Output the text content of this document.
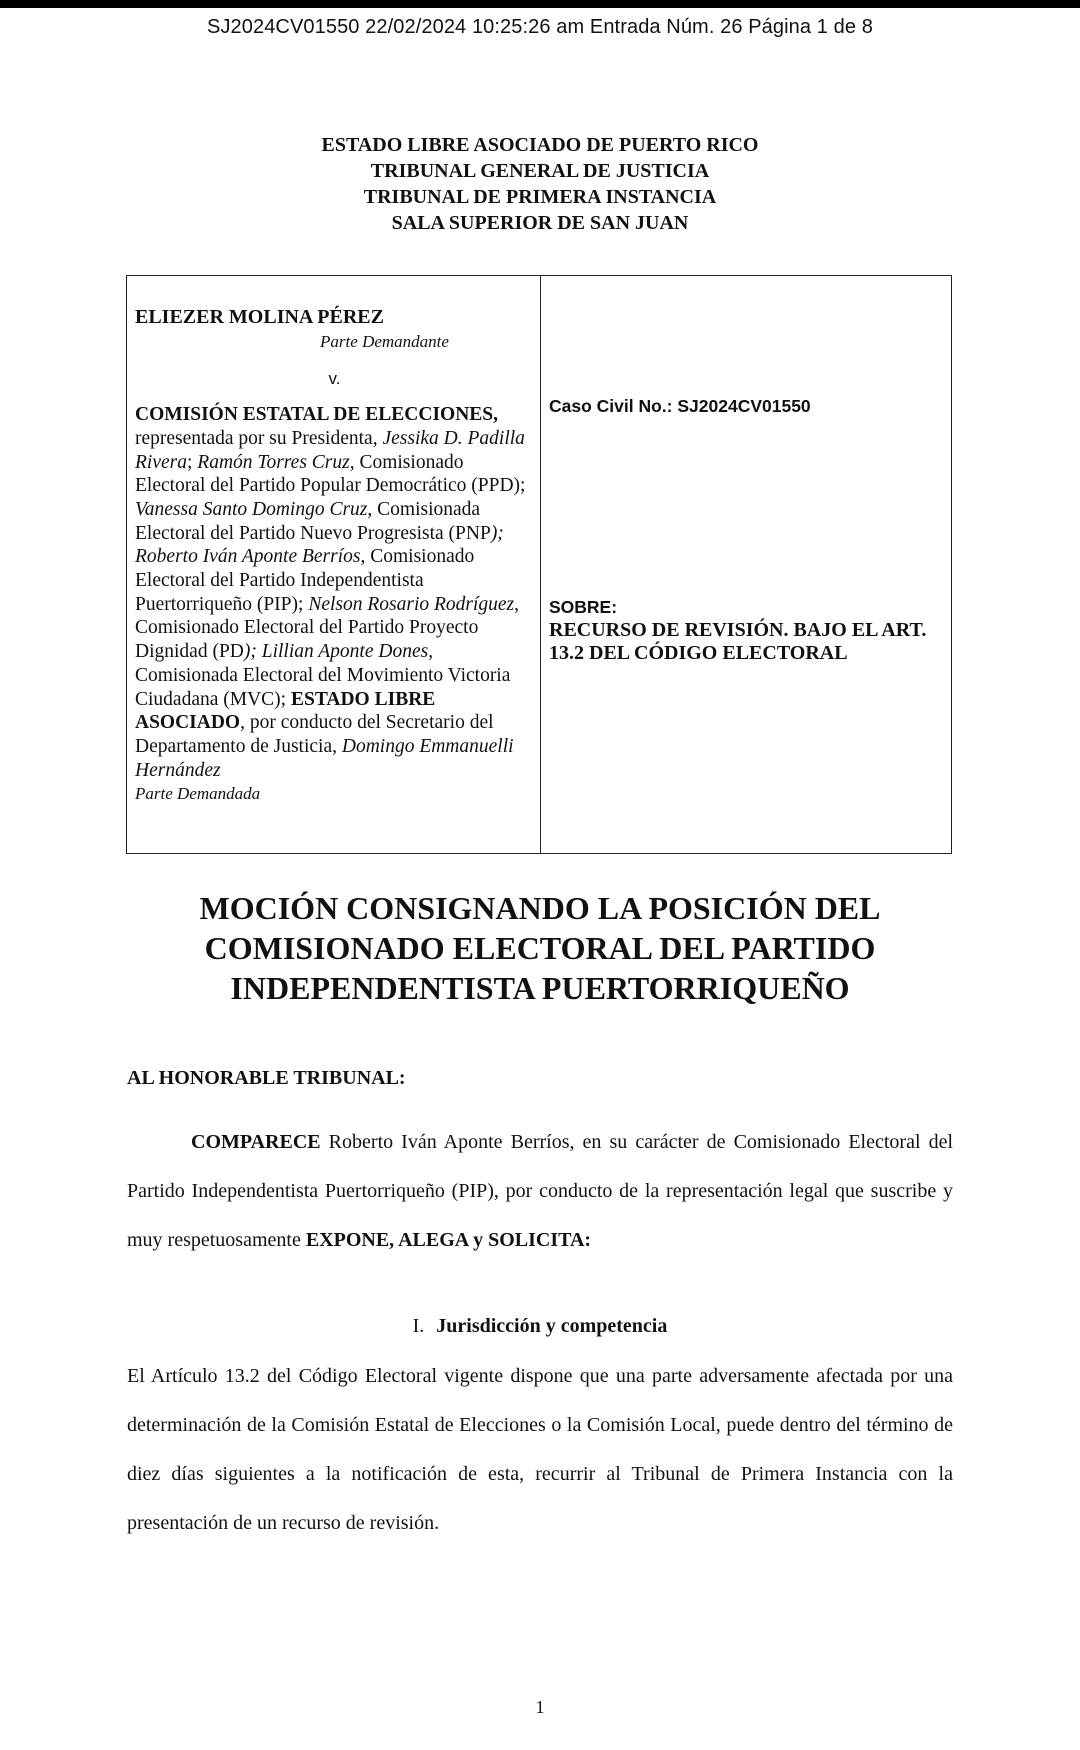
SJ2024CV01550 22/02/2024 10:25:26 am Entrada Núm. 26 Página 1 de 8
ESTADO LIBRE ASOCIADO DE PUERTO RICO
TRIBUNAL GENERAL DE JUSTICIA
TRIBUNAL DE PRIMERA INSTANCIA
SALA SUPERIOR DE SAN JUAN
ELIEZER MOLINA PÉREZ
Parte Demandante
v.
COMISIÓN ESTATAL DE ELECCIONES, representada por su Presidenta, Jessika D. Padilla Rivera; Ramón Torres Cruz, Comisionado Electoral del Partido Popular Democrático (PPD); Vanessa Santo Domingo Cruz, Comisionada Electoral del Partido Nuevo Progresista (PNP); Roberto Iván Aponte Berríos, Comisionado Electoral del Partido Independentista Puertorriqueño (PIP); Nelson Rosario Rodríguez, Comisionado Electoral del Partido Proyecto Dignidad (PD); Lillian Aponte Dones, Comisionada Electoral del Movimiento Victoria Ciudadana (MVC); ESTADO LIBRE ASOCIADO, por conducto del Secretario del Departamento de Justicia, Domingo Emmanuelli Hernández
Parte Demandada
Caso Civil No.: SJ2024CV01550
SOBRE:
RECURSO DE REVISIÓN. BAJO EL ART. 13.2 DEL CÓDIGO ELECTORAL
MOCIÓN CONSIGNANDO LA POSICIÓN DEL
COMISIONADO ELECTORAL DEL PARTIDO
INDEPENDENTISTA PUERTORRIQUEÑO
AL HONORABLE TRIBUNAL:
COMPARECE Roberto Iván Aponte Berríos, en su carácter de Comisionado Electoral del Partido Independentista Puertorriqueño (PIP), por conducto de la representación legal que suscribe y muy respetuosamente EXPONE, ALEGA y SOLICITA:
I. Jurisdicción y competencia
El Artículo 13.2 del Código Electoral vigente dispone que una parte adversamente afectada por una determinación de la Comisión Estatal de Elecciones o la Comisión Local, puede dentro del término de diez días siguientes a la notificación de esta, recurrir al Tribunal de Primera Instancia con la presentación de un recurso de revisión.
1
